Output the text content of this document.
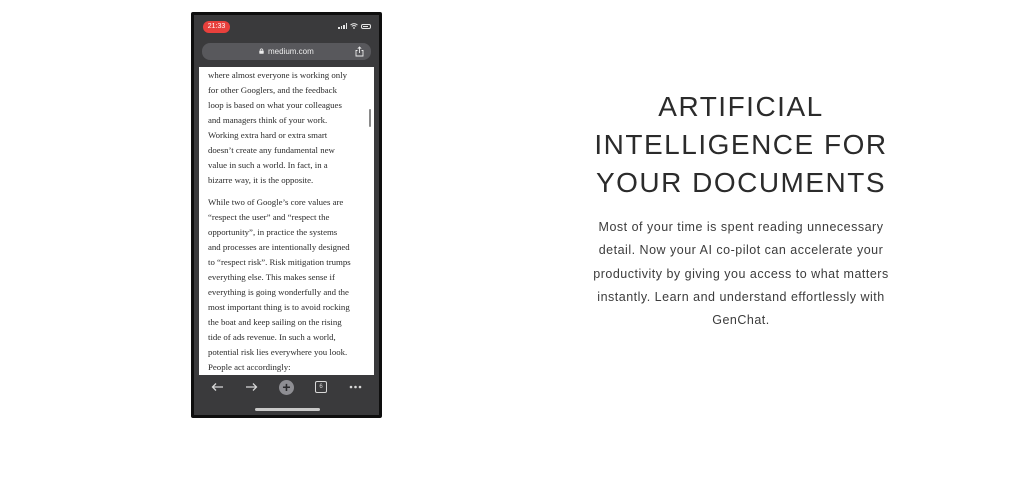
21:33
medium.com

where almost everyone is working only
for other Googlers, and the feedback
loop is based on what your colleagues
and managers think of your work.
Working extra hard or extra smart
doesn’t create any fundamental new
value in such a world. In fact, in a
bizarre way, it is the opposite.

While two of Google’s core values are
“respect the user” and “respect the
opportunity”, in practice the systems
and processes are intentionally designed
to “respect risk”. Risk mitigation trumps
everything else. This makes sense if
everything is going wonderfully and the
most important thing is to avoid rocking
the boat and keep sailing on the rising
tide of ads revenue. In such a world,
potential risk lies everywhere you look.
People act accordingly:

+	6
ARTIFICIAL
INTELLIGENCE FOR
YOUR DOCUMENTS

Most of your time is spent reading unnecessary
detail. Now your AI co-pilot can accelerate your
productivity by giving you access to what matters
instantly. Learn and understand effortlessly with
GenChat.
